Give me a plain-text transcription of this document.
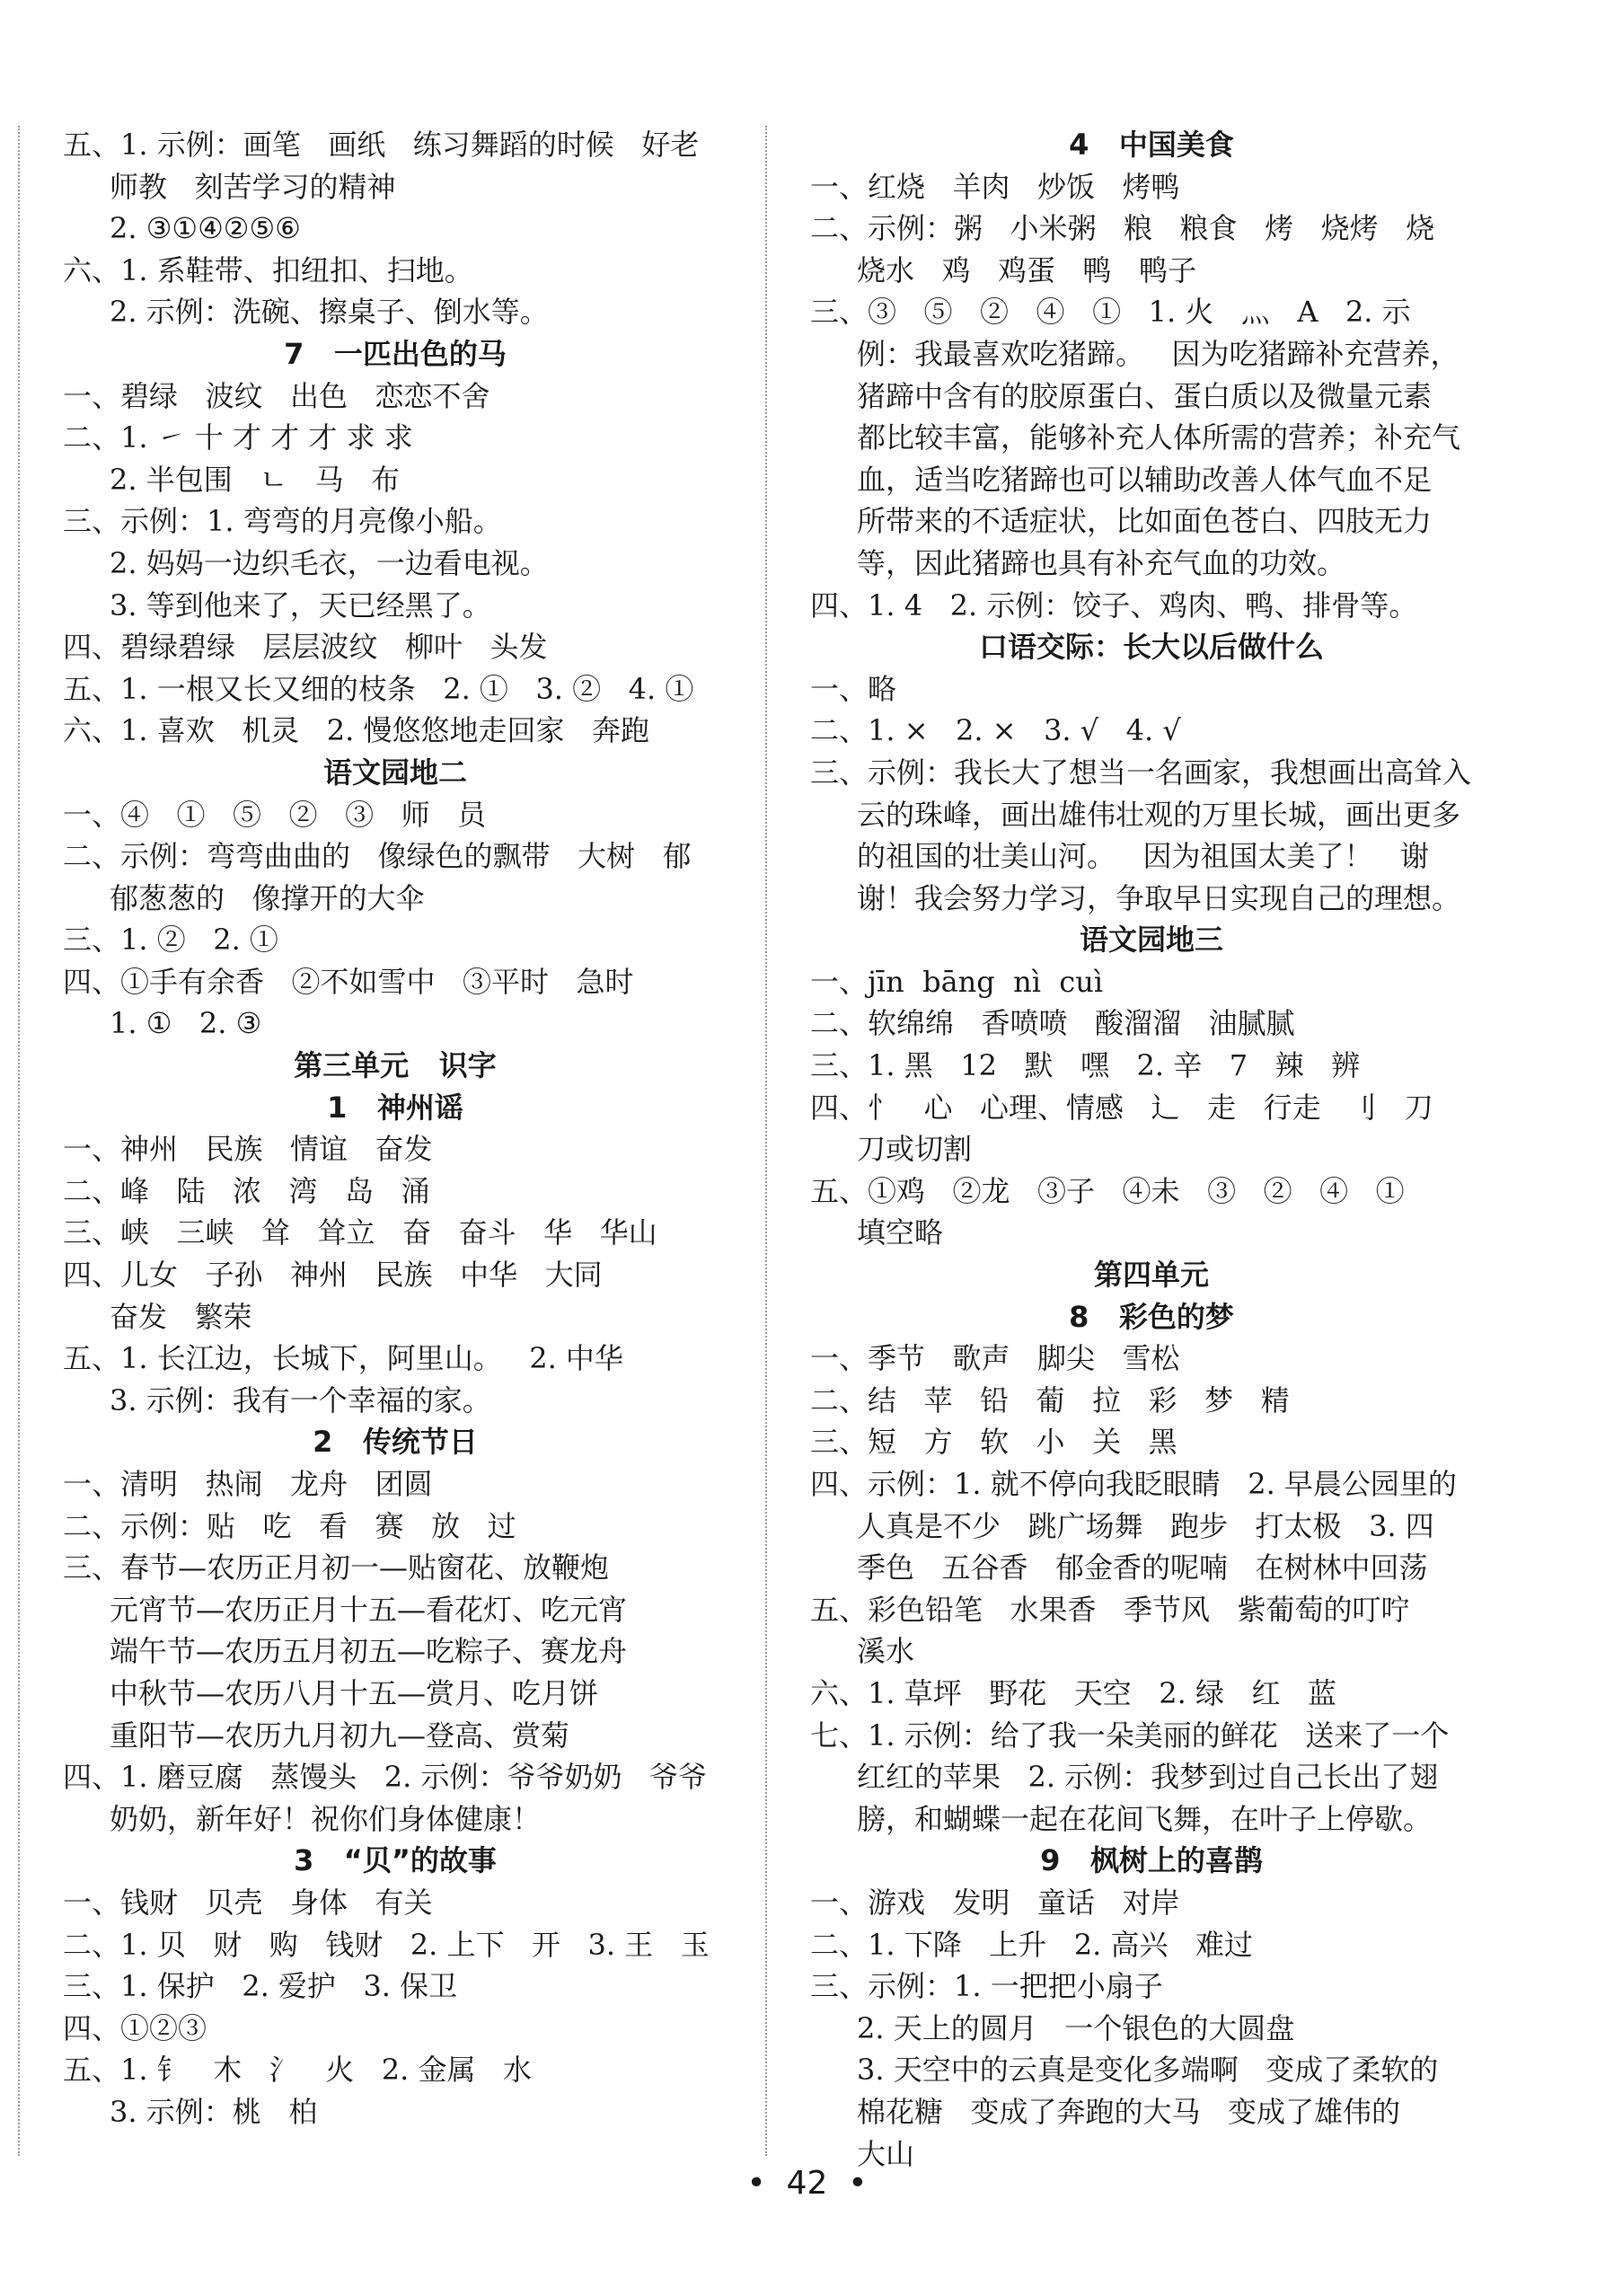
五、1. 示例：画笔   画纸   练习舞蹈的时候   好老
师教   刻苦学习的精神
2. ③①④②⑤⑥
六、1. 系鞋带、扣纽扣、扫地。
2. 示例：洗碗、擦桌子、倒水等。
7   一匹出色的马
一、碧绿   波纹   出色   恋恋不舍
二、1. ㇀ 十 才 才 才 求 求
2. 半包围   ㄴ   马   布
三、示例：1. 弯弯的月亮像小船。
2. 妈妈一边织毛衣，一边看电视。
3. 等到他来了，天已经黑了。
四、碧绿碧绿   层层波纹   柳叶   头发
五、1. 一根又长又细的枝条   2. ①   3. ②   4. ①
六、1. 喜欢   机灵   2. 慢悠悠地走回家   奔跑
语文园地二
一、④   ①   ⑤   ②   ③   师   员
二、示例：弯弯曲曲的   像绿色的飘带   大树   郁
郁葱葱的   像撑开的大伞
三、1. ②   2. ①
四、①手有余香   ②不如雪中   ③平时   急时
1. ①   2. ③
第三单元   识字
1   神州谣
一、神州   民族   情谊   奋发
二、峰   陆   浓   湾   岛   涌
三、峡   三峡   耸   耸立   奋   奋斗   华   华山
四、儿女   子孙   神州   民族   中华   大同
奋发   繁荣
五、1. 长江边，长城下，阿里山。   2. 中华
3. 示例：我有一个幸福的家。
2   传统节日
一、清明   热闹   龙舟   团圆
二、示例：贴   吃   看   赛   放   过
三、春节—农历正月初一—贴窗花、放鞭炮
元宵节—农历正月十五—看花灯、吃元宵
端午节—农历五月初五—吃粽子、赛龙舟
中秋节—农历八月十五—赏月、吃月饼
重阳节—农历九月初九—登高、赏菊
四、1. 磨豆腐   蒸馒头   2. 示例：爷爷奶奶   爷爷
奶奶，新年好！祝你们身体健康！
3   “贝”的故事
一、钱财   贝壳   身体   有关
二、1. 贝   财   购   钱财   2. 上下   开   3. 王   玉
三、1. 保护   2. 爱护   3. 保卫
四、①②③
五、1. 钅   木   氵   火   2. 金属   水
3. 示例：桃   柏
4   中国美食
一、红烧   羊肉   炒饭   烤鸭
二、示例：粥   小米粥   粮   粮食   烤   烧烤   烧
烧水   鸡   鸡蛋   鸭   鸭子
三、③   ⑤   ②   ④   ①   1. 火   灬   A   2. 示
例：我最喜欢吃猪蹄。   因为吃猪蹄补充营养，
猪蹄中含有的胶原蛋白、蛋白质以及微量元素
都比较丰富，能够补充人体所需的营养；补充气
血，适当吃猪蹄也可以辅助改善人体气血不足
所带来的不适症状，比如面色苍白、四肢无力
等，因此猪蹄也具有补充气血的功效。
四、1. 4   2. 示例：饺子、鸡肉、鸭、排骨等。
口语交际：长大以后做什么
一、略
二、1. ×   2. ×   3. √   4. √
三、示例：我长大了想当一名画家，我想画出高耸入
云的珠峰，画出雄伟壮观的万里长城，画出更多
的祖国的壮美山河。   因为祖国太美了！   谢
谢！我会努力学习，争取早日实现自己的理想。
语文园地三
一、jīn  bāng  nì  cuì
二、软绵绵   香喷喷   酸溜溜   油腻腻
三、1. 黑   12   默   嘿   2. 辛   7   辣   辨
四、忄   心   心理、情感   辶   走   行走   刂   刀
刀或切割
五、①鸡   ②龙   ③子   ④未   ③   ②   ④   ①
填空略
第四单元
8   彩色的梦
一、季节   歌声   脚尖   雪松
二、结   苹   铅   葡   拉   彩   梦   精
三、短   方   软   小   关   黑
四、示例：1. 就不停向我眨眼睛   2. 早晨公园里的
人真是不少   跳广场舞   跑步   打太极   3. 四
季色   五谷香   郁金香的呢喃   在树林中回荡
五、彩色铅笔   水果香   季节风   紫葡萄的叮咛
溪水
六、1. 草坪   野花   天空   2. 绿   红   蓝
七、1. 示例：给了我一朵美丽的鲜花   送来了一个
红红的苹果   2. 示例：我梦到过自己长出了翅
膀，和蝴蝶一起在花间飞舞，在叶子上停歇。
9   枫树上的喜鹊
一、游戏   发明   童话   对岸
二、1. 下降   上升   2. 高兴   难过
三、示例：1. 一把把小扇子
2. 天上的圆月   一个银色的大圆盘
3. 天空中的云真是变化多端啊   变成了柔软的
棉花糖   变成了奔跑的大马   变成了雄伟的
大山
•  42  •
